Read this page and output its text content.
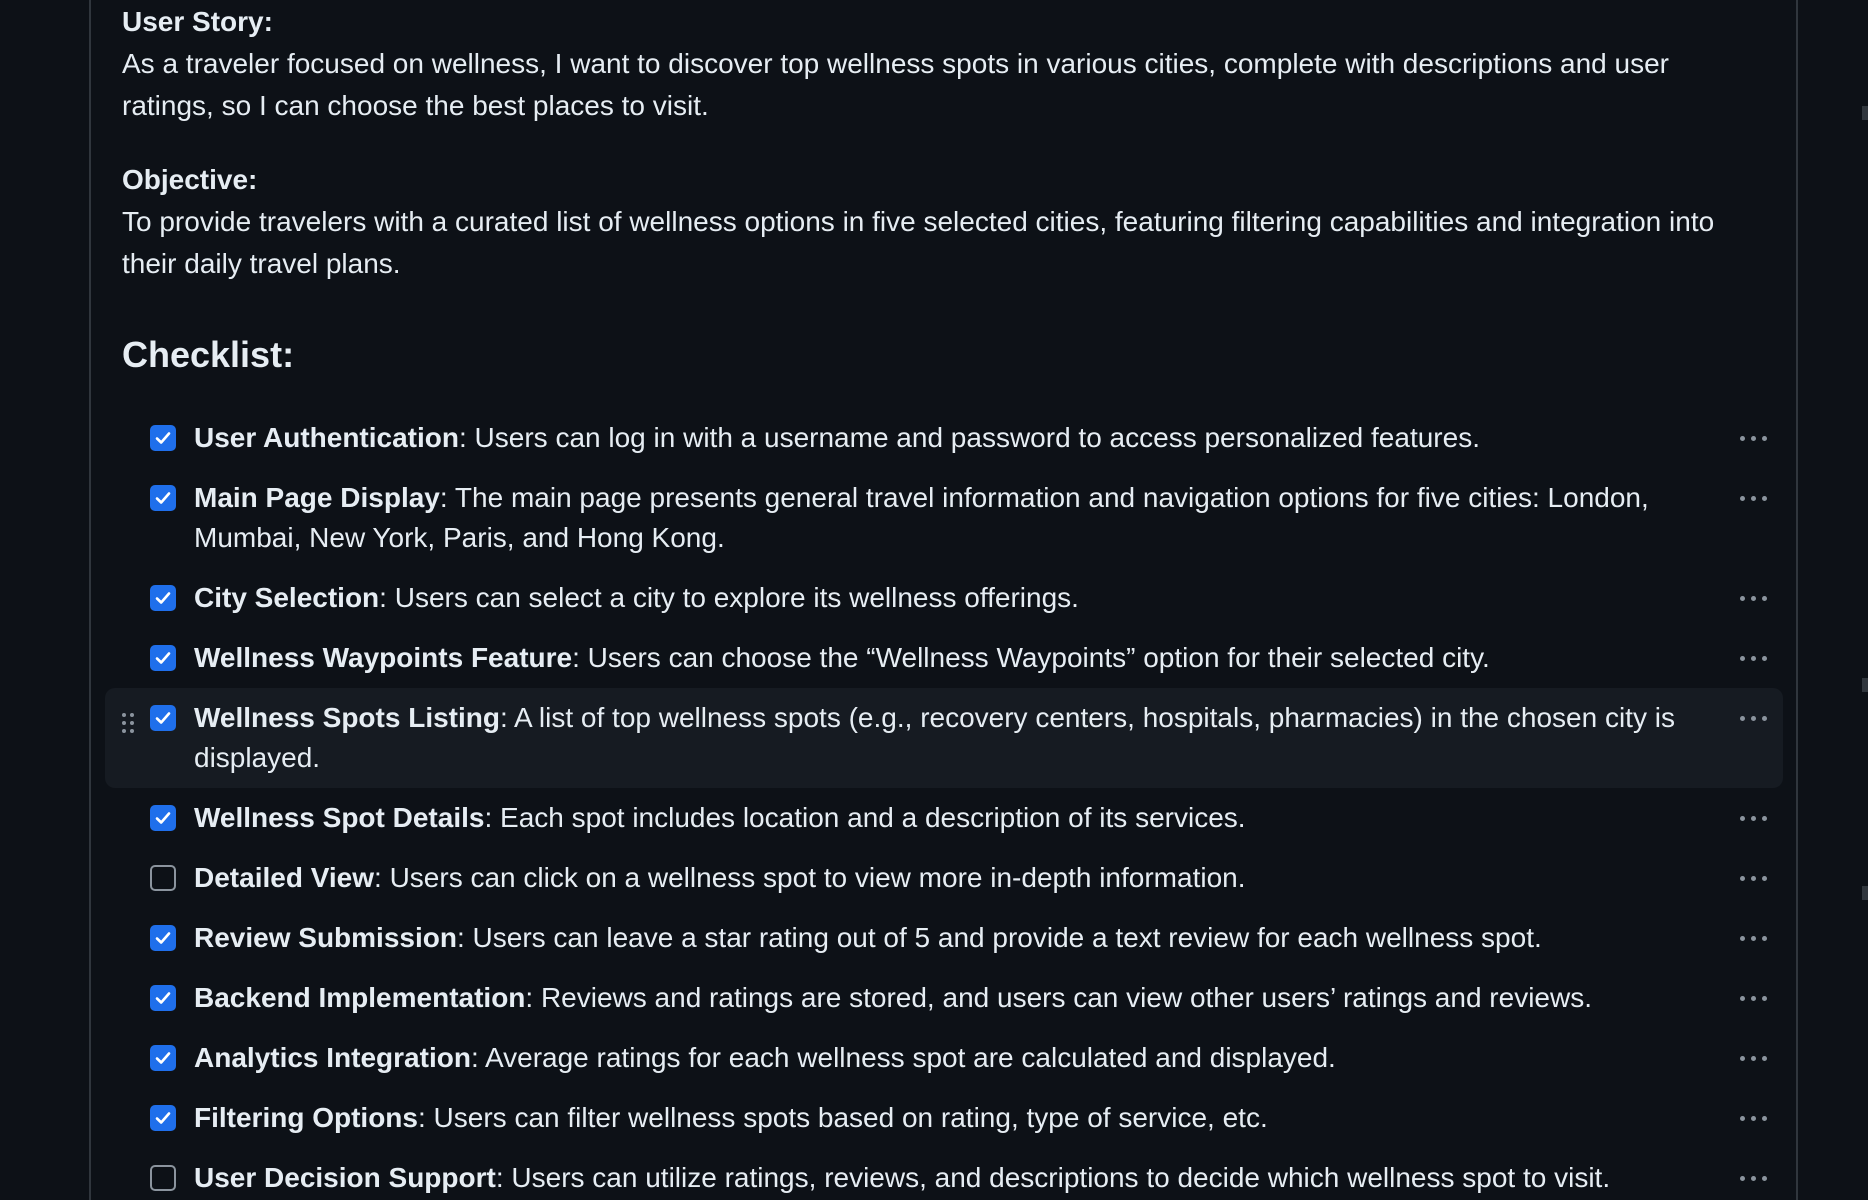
User Story:
As a traveler focused on wellness, I want to discover top wellness spots in various cities, complete with descriptions and user ratings, so I can choose the best places to visit.
Objective:
To provide travelers with a curated list of wellness options in five selected cities, featuring filtering capabilities and integration into their daily travel plans.
Checklist:
User Authentication: Users can log in with a username and password to access personalized features.
Main Page Display: The main page presents general travel information and navigation options for five cities: London, Mumbai, New York, Paris, and Hong Kong.
City Selection: Users can select a city to explore its wellness offerings.
Wellness Waypoints Feature: Users can choose the “Wellness Waypoints” option for their selected city.
Wellness Spots Listing: A list of top wellness spots (e.g., recovery centers, hospitals, pharmacies) in the chosen city is displayed.
Wellness Spot Details: Each spot includes location and a description of its services.
Detailed View: Users can click on a wellness spot to view more in-depth information.
Review Submission: Users can leave a star rating out of 5 and provide a text review for each wellness spot.
Backend Implementation: Reviews and ratings are stored, and users can view other users’ ratings and reviews.
Analytics Integration: Average ratings for each wellness spot are calculated and displayed.
Filtering Options: Users can filter wellness spots based on rating, type of service, etc.
User Decision Support: Users can utilize ratings, reviews, and descriptions to decide which wellness spot to visit.
